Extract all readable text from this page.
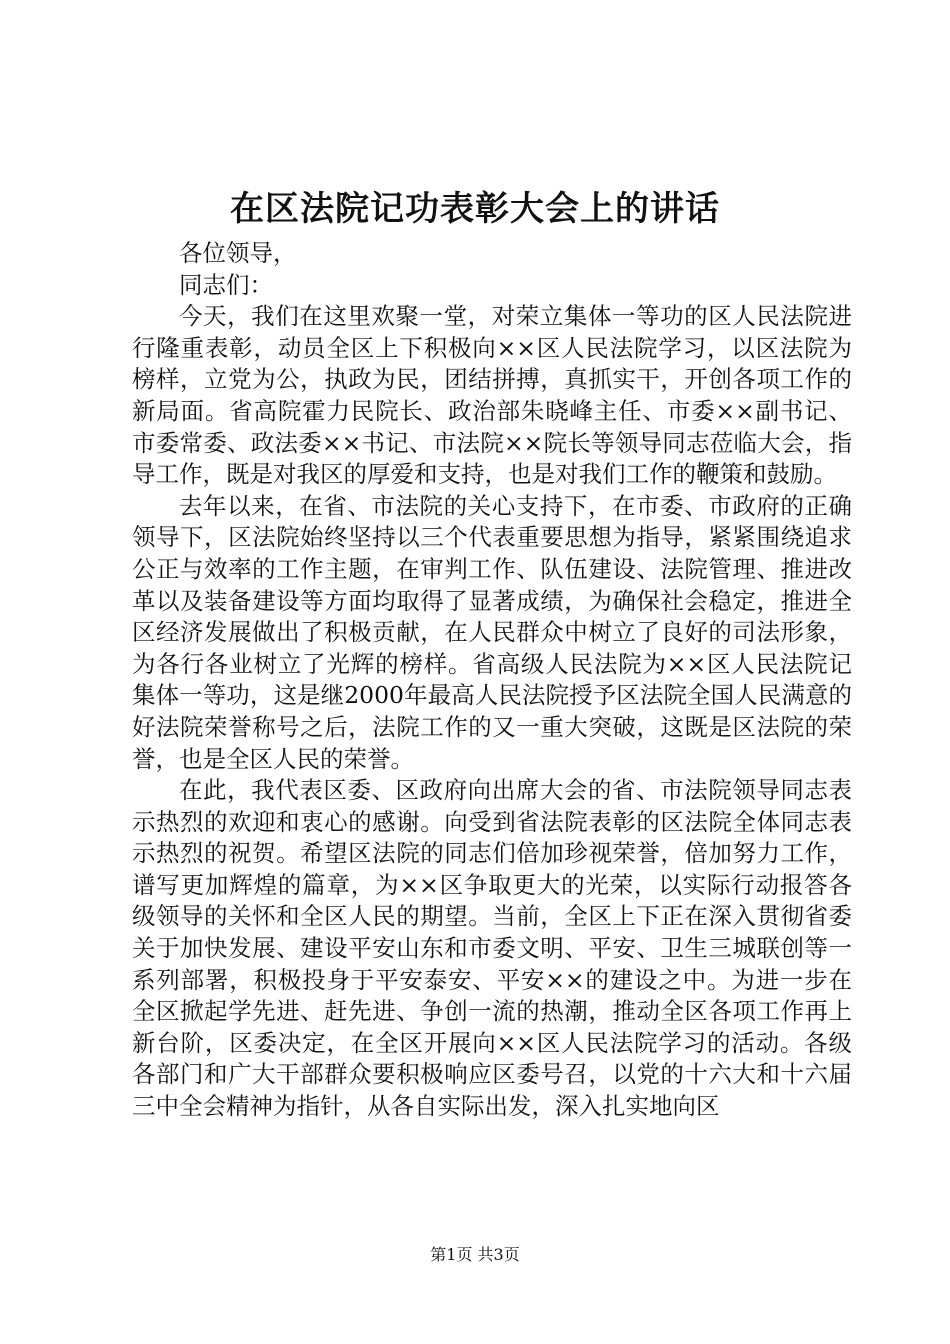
在区法院记功表彰大会上的讲话

各位领导，

同志们：

今天，我们在这里欢聚一堂，对荣立集体一等功的区人民法院进行隆重表彰，动员全区上下积极向××区人民法院学习，以区法院为榜样，立党为公，执政为民，团结拼搏，真抓实干，开创各项工作的新局面。省高院霍力民院长、政治部朱晓峰主任、市委××副书记、市委常委、政法委××书记、市法院××院长等领导同志莅临大会，指导工作，既是对我区的厚爱和支持，也是对我们工作的鞭策和鼓励。

去年以来，在省、市法院的关心支持下，在市委、市政府的正确领导下，区法院始终坚持以三个代表重要思想为指导，紧紧围绕追求公正与效率的工作主题，在审判工作、队伍建设、法院管理、推进改革以及装备建设等方面均取得了显著成绩，为确保社会稳定，推进全区经济发展做出了积极贡献，在人民群众中树立了良好的司法形象，为各行各业树立了光辉的榜样。省高级人民法院为××区人民法院记集体一等功，这是继2000年最高人民法院授予区法院全国人民满意的好法院荣誉称号之后，法院工作的又一重大突破，这既是区法院的荣誉，也是全区人民的荣誉。

在此，我代表区委、区政府向出席大会的省、市法院领导同志表示热烈的欢迎和衷心的感谢。向受到省法院表彰的区法院全体同志表示热烈的祝贺。希望区法院的同志们倍加珍视荣誉，倍加努力工作，谱写更加辉煌的篇章，为××区争取更大的光荣，以实际行动报答各级领导的关怀和全区人民的期望。当前，全区上下正在深入贯彻省委关于加快发展、建设平安山东和市委文明、平安、卫生三城联创等一系列部署，积极投身于平安泰安、平安××的建设之中。为进一步在全区掀起学先进、赶先进、争创一流的热潮，推动全区各项工作再上新台阶，区委决定，在全区开展向××区人民法院学习的活动。各级各部门和广大干部群众要积极响应区委号召，以党的十六大和十六届三中全会精神为指针，从各自实际出发，深入扎实地向区

第1页 共3页
